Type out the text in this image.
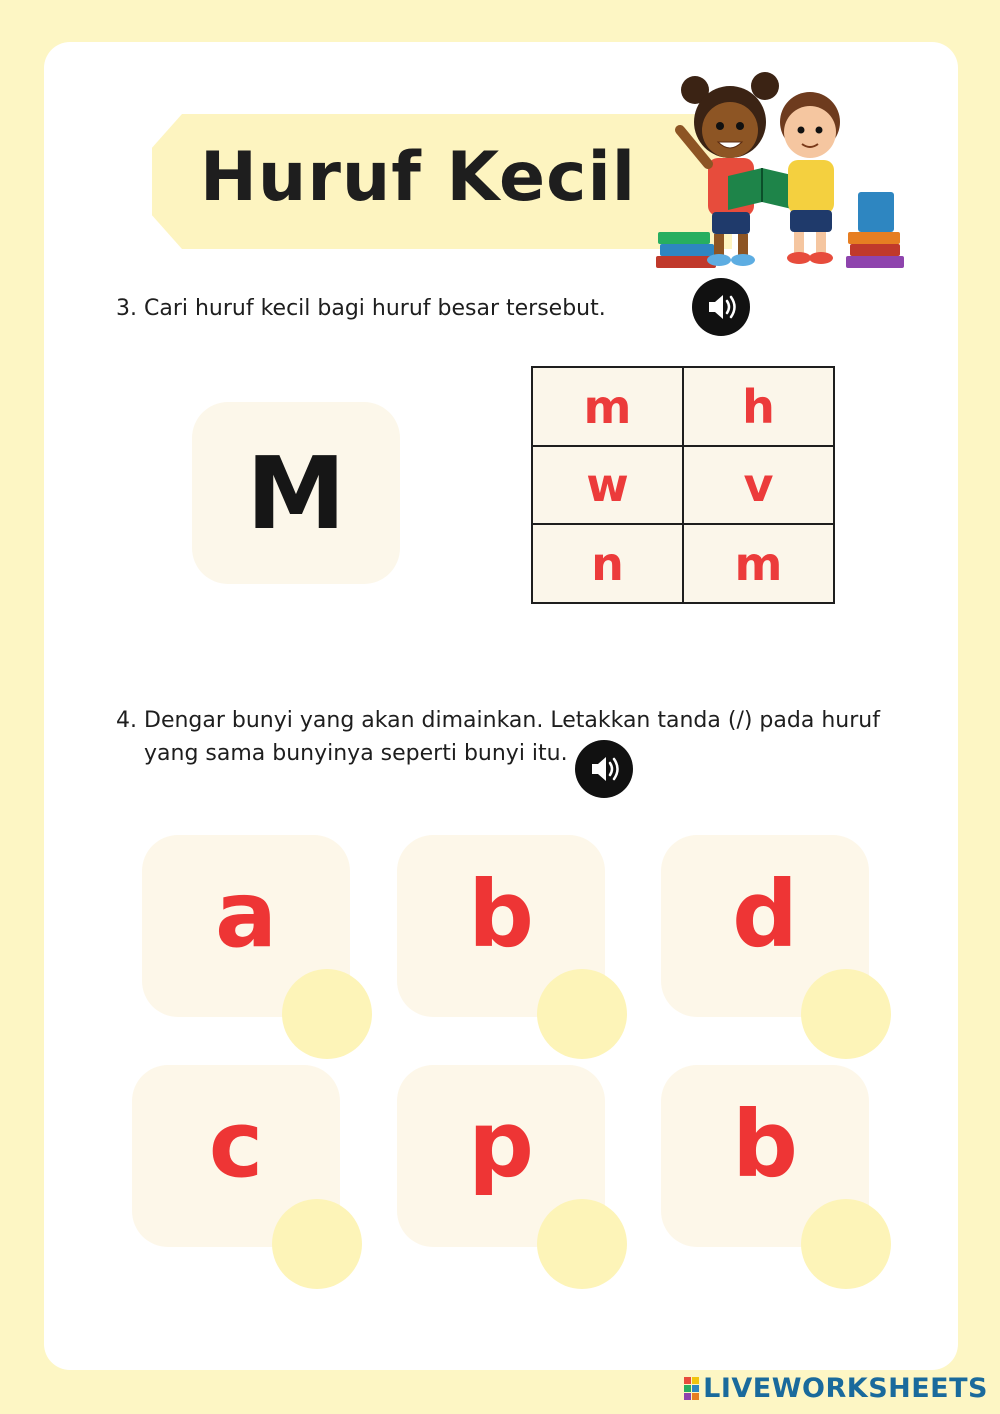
Huruf Kecil
3. Cari huruf kecil bagi huruf besar tersebut.
M
m	h
w	v
n	m
4. Dengar bunyi yang akan dimainkan. Letakkan tanda (/) pada huruf
yang sama bunyinya seperti bunyi itu.
a	b	d
c	p	b
LIVEWORKSHEETS
